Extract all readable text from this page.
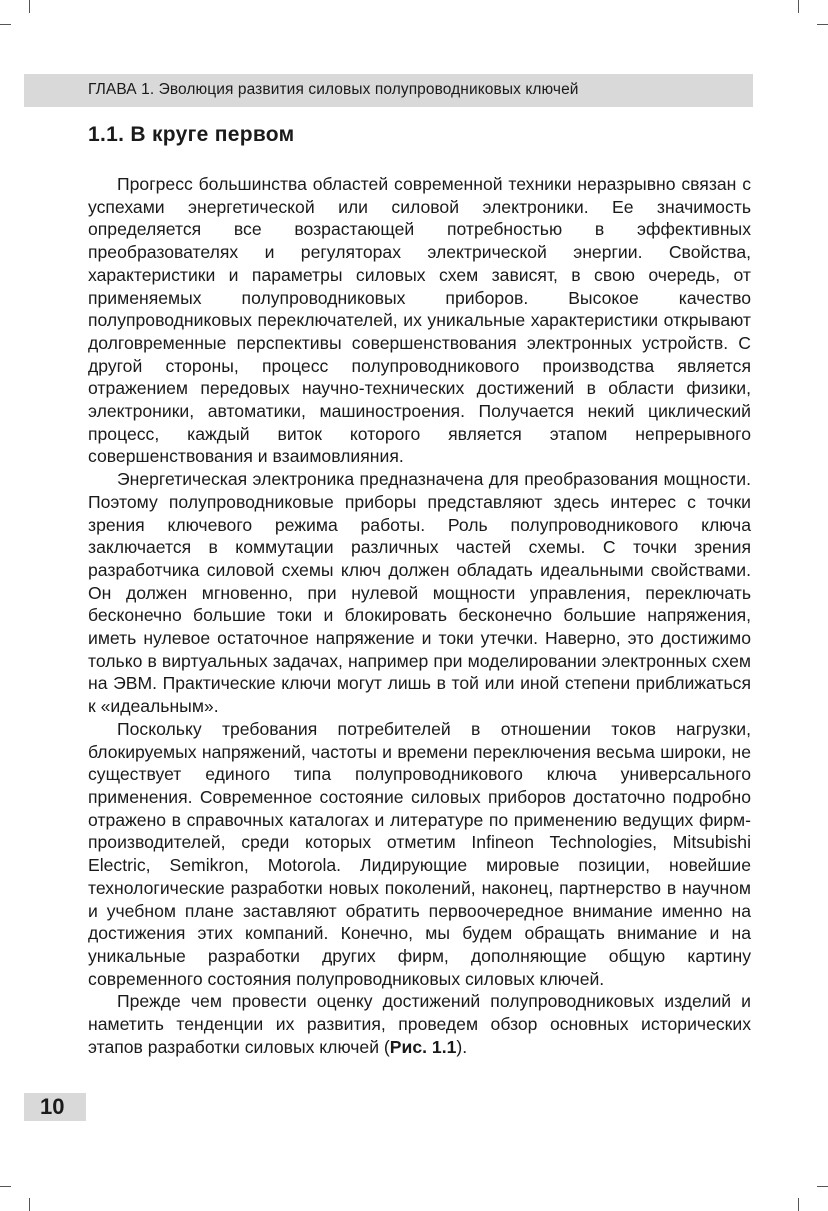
ГЛАВА 1. Эволюция развития силовых полупроводниковых ключей
1.1. В круге первом

Прогресс большинства областей современной техники неразрывно связан с успехами энергетической или силовой электроники. Ее значимость определяется все возрастающей потребностью в эффективных преобразователях и регуляторах электрической энергии. Свойства, характеристики и параметры силовых схем зависят, в свою очередь, от применяемых полупроводниковых приборов. Высокое качество полупроводниковых переключателей, их уникальные характеристики открывают долговременные перспективы совершенствования электронных устройств. С другой стороны, процесс полупроводникового производства является отражением передовых научно-технических достижений в области физики, электроники, автоматики, машиностроения. Получается некий циклический процесс, каждый виток которого является этапом непрерывного совершенствования и взаимовлияния.

Энергетическая электроника предназначена для преобразования мощности. Поэтому полупроводниковые приборы представляют здесь интерес с точки зрения ключевого режима работы. Роль полупроводникового ключа заключается в коммутации различных частей схемы. С точки зрения разработчика силовой схемы ключ должен обладать идеальными свойствами. Он должен мгновенно, при нулевой мощности управления, переключать бесконечно большие токи и блокировать бесконечно большие напряжения, иметь нулевое остаточное напряжение и токи утечки. Наверно, это достижимо только в виртуальных задачах, например при моделировании электронных схем на ЭВМ. Практические ключи могут лишь в той или иной степени приближаться к «идеальным».

Поскольку требования потребителей в отношении токов нагрузки, блокируемых напряжений, частоты и времени переключения весьма широки, не существует единого типа полупроводникового ключа универсального применения. Современное состояние силовых приборов достаточно подробно отражено в справочных каталогах и литературе по применению ведущих фирм-производителей, среди которых отметим Infineon Technologies, Mitsubishi Electric, Semikron, Motorola. Лидирующие мировые позиции, новейшие технологические разработки новых поколений, наконец, партнерство в научном и учебном плане заставляют обратить первоочередное внимание именно на достижения этих компаний. Конечно, мы будем обращать внимание и на уникальные разработки других фирм, дополняющие общую картину современного состояния полупроводниковых силовых ключей.

Прежде чем провести оценку достижений полупроводниковых изделий и наметить тенденции их развития, проведем обзор основных исторических этапов разработки силовых ключей (Рис. 1.1).

10
